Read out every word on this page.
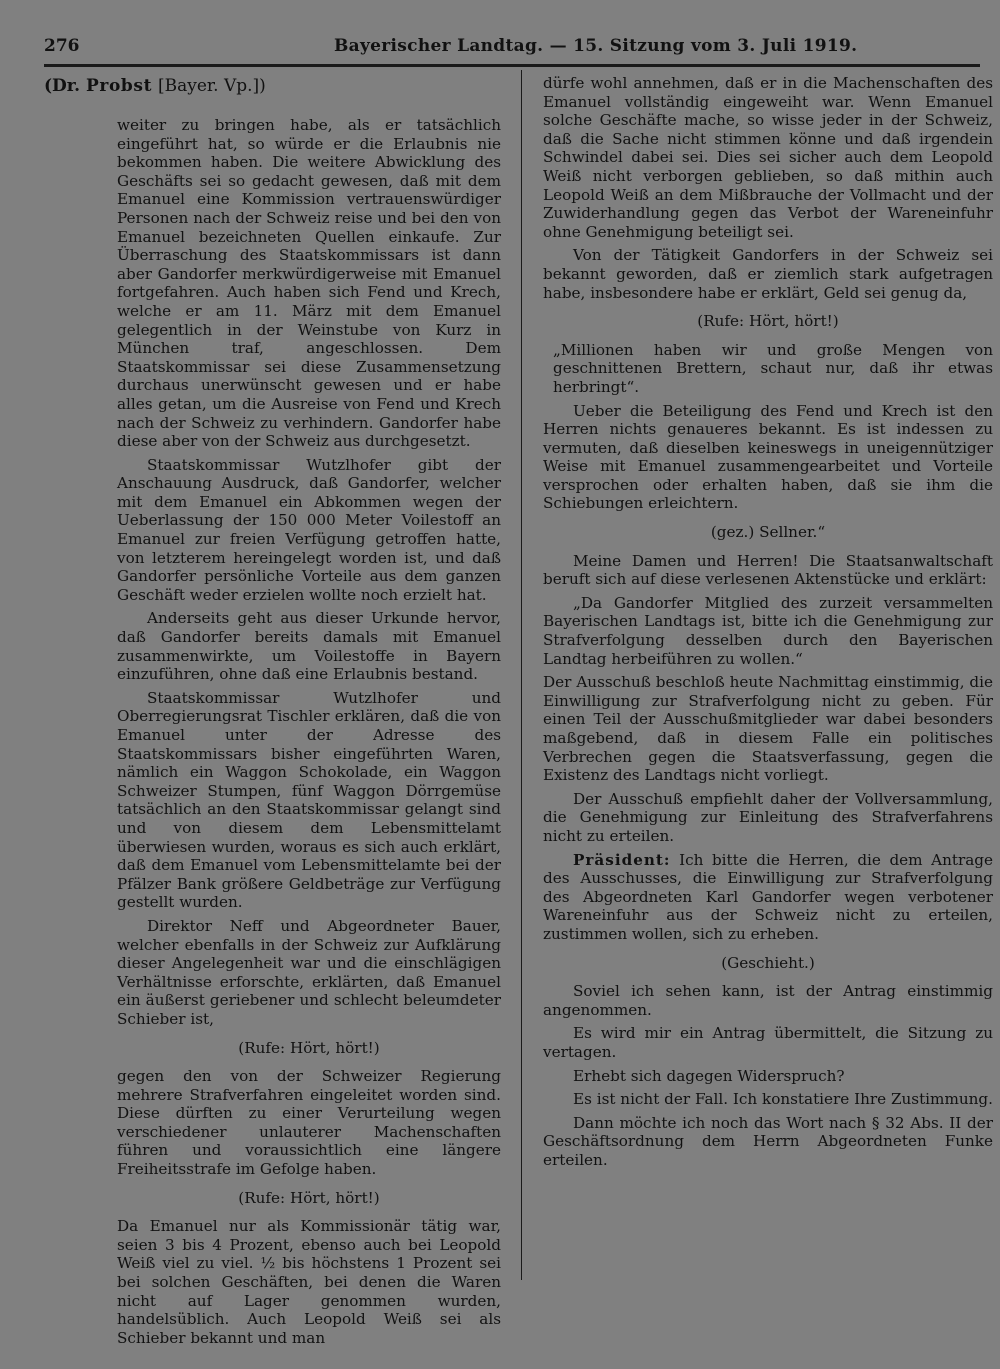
276	Bayerischer Landtag. — 15. Sitzung vom 3. Juli 1919.
(Dr. Probst [Bayer. Vp.])

weiter zu bringen habe, als er tatsächlich eingeführt hat, so würde er die Erlaubnis nie bekommen haben. Die weitere Abwicklung des Geschäfts sei so gedacht gewesen, daß mit dem Emanuel eine Kommission vertrauenswürdiger Personen nach der Schweiz reise und bei den von Emanuel bezeichneten Quellen einkaufe. Zur Überraschung des Staatskommissars ist dann aber Gandorfer merkwürdigerweise mit Emanuel fortgefahren. Auch haben sich Fend und Krech, welche er am 11. März mit dem Emanuel gelegentlich in der Weinstube von Kurz in München traf, angeschlossen. Dem Staatskommissar sei diese Zusammensetzung durchaus unerwünscht gewesen und er habe alles getan, um die Ausreise von Fend und Krech nach der Schweiz zu verhindern. Gandorfer habe diese aber von der Schweiz aus durchgesetzt.

Staatskommissar Wutzlhofer gibt der Anschauung Ausdruck, daß Gandorfer, welcher mit dem Emanuel ein Abkommen wegen der Ueberlassung der 150 000 Meter Voilestoff an Emanuel zur freien Verfügung getroffen hatte, von letzterem hereingelegt worden ist, und daß Gandorfer persönliche Vorteile aus dem ganzen Geschäft weder erzielen wollte noch erzielt hat.

Anderseits geht aus dieser Urkunde hervor, daß Gandorfer bereits damals mit Emanuel zusammenwirkte, um Voilestoffe in Bayern einzuführen, ohne daß eine Erlaubnis bestand.

Staatskommissar Wutzlhofer und Oberregierungsrat Tischler erklären, daß die von Emanuel unter der Adresse des Staatskommissars bisher eingeführten Waren, nämlich ein Waggon Schokolade, ein Waggon Schweizer Stumpen, fünf Waggon Dörrgemüse tatsächlich an den Staatskommissar gelangt sind und von diesem dem Lebensmittelamt überwiesen wurden, woraus es sich auch erklärt, daß dem Emanuel vom Lebensmittelamte bei der Pfälzer Bank größere Geldbeträge zur Verfügung gestellt wurden.

Direktor Neff und Abgeordneter Bauer, welcher ebenfalls in der Schweiz zur Aufklärung dieser Angelegenheit war und die einschlägigen Verhältnisse erforschte, erklärten, daß Emanuel ein äußerst geriebener und schlecht beleumdeter Schieber ist,

(Rufe: Hört, hört!)

gegen den von der Schweizer Regierung mehrere Strafverfahren eingeleitet worden sind. Diese dürften zu einer Verurteilung wegen verschiedener unlauterer Machenschaften führen und voraussichtlich eine längere Freiheitsstrafe im Gefolge haben.

(Rufe: Hört, hört!)

Da Emanuel nur als Kommissionär tätig war, seien 3 bis 4 Prozent, ebenso auch bei Leopold Weiß viel zu viel. ½ bis höchstens 1 Prozent sei bei solchen Geschäften, bei denen die Waren nicht auf Lager genommen wurden, handelsüblich. Auch Leopold Weiß sei als Schieber bekannt und man

dürfe wohl annehmen, daß er in die Machenschaften des Emanuel vollständig eingeweiht war. Wenn Emanuel solche Geschäfte mache, so wisse jeder in der Schweiz, daß die Sache nicht stimmen könne und daß irgendein Schwindel dabei sei. Dies sei sicher auch dem Leopold Weiß nicht verborgen geblieben, so daß mithin auch Leopold Weiß an dem Mißbrauche der Vollmacht und der Zuwiderhandlung gegen das Verbot der Wareneinfuhr ohne Genehmigung beteiligt sei.

Von der Tätigkeit Gandorfers in der Schweiz sei bekannt geworden, daß er ziemlich stark aufgetragen habe, insbesondere habe er erklärt, Geld sei genug da,

(Rufe: Hört, hört!)

„Millionen haben wir und große Mengen von geschnittenen Brettern, schaut nur, daß ihr etwas herbringt“.

Ueber die Beteiligung des Fend und Krech ist den Herren nichts genaueres bekannt. Es ist indessen zu vermuten, daß dieselben keineswegs in uneigennütziger Weise mit Emanuel zusammengearbeitet und Vorteile versprochen oder erhalten haben, daß sie ihm die Schiebungen erleichtern.

(gez.) Sellner.“

Meine Damen und Herren! Die Staatsanwaltschaft beruft sich auf diese verlesenen Aktenstücke und erklärt:

„Da Gandorfer Mitglied des zurzeit versammelten Bayerischen Landtags ist, bitte ich die Genehmigung zur Strafverfolgung desselben durch den Bayerischen Landtag herbeiführen zu wollen.“

Der Ausschuß beschloß heute Nachmittag einstimmig, die Einwilligung zur Strafverfolgung nicht zu geben. Für einen Teil der Ausschußmitglieder war dabei besonders maßgebend, daß in diesem Falle ein politisches Verbrechen gegen die Staatsverfassung, gegen die Existenz des Landtags nicht vorliegt.

Der Ausschuß empfiehlt daher der Vollversammlung, die Genehmigung zur Einleitung des Strafverfahrens nicht zu erteilen.

Präsident: Ich bitte die Herren, die dem Antrage des Ausschusses, die Einwilligung zur Strafverfolgung des Abgeordneten Karl Gandorfer wegen verbotener Wareneinfuhr aus der Schweiz nicht zu erteilen, zustimmen wollen, sich zu erheben.

(Geschieht.)

Soviel ich sehen kann, ist der Antrag einstimmig angenommen.

Es wird mir ein Antrag übermittelt, die Sitzung zu vertagen.

Erhebt sich dagegen Widerspruch?

Es ist nicht der Fall. Ich konstatiere Ihre Zustimmung.

Dann möchte ich noch das Wort nach § 32 Abs. II der Geschäftsordnung dem Herrn Abgeordneten Funke erteilen.
